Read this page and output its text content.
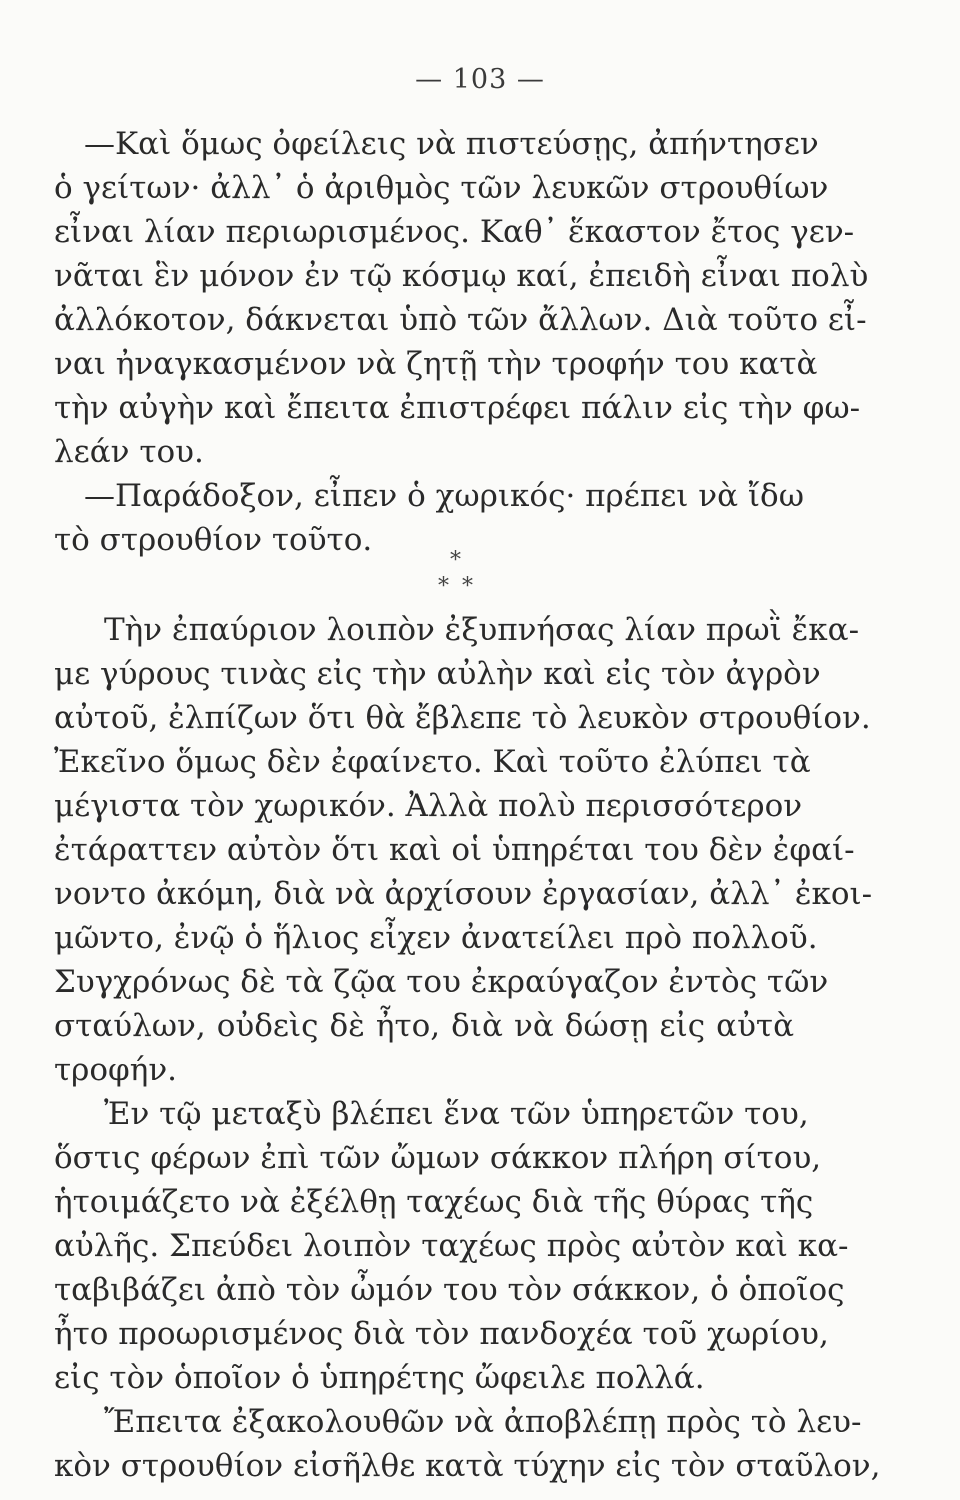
— 103 —
—Καὶ ὅμως ὀφείλεις νὰ πιστεύσῃς, ἀπήντησεν
ὁ γείτων· ἀλλ᾽ ὁ ἀριθμὸς τῶν λευκῶν στρουθίων
εἶναι λίαν περιωρισμένος. Καθ᾽ ἕκαστον ἔτος γεν-
νᾶται ἓν μόνον ἐν τῷ κόσμῳ καί, ἐπειδὴ εἶναι πολὺ
ἀλλόκοτον, δάκνεται ὑπὸ τῶν ἄλλων. Διὰ τοῦτο εἶ-
ναι ἠναγκασμένον νὰ ζητῇ τὴν τροφήν του κατὰ
τὴν αὐγὴν καὶ ἔπειτα ἐπιστρέφει πάλιν εἰς τὴν φω-
λεάν του.
—Παράδοξον, εἶπεν ὁ χωρικός· πρέπει νὰ ἴδω
τὸ στρουθίον τοῦτο.
*
* *
Τὴν ἐπαύριον λοιπὸν ἐξυπνήσας λίαν πρωῒ ἔκα-
με γύρους τινὰς εἰς τὴν αὐλὴν καὶ εἰς τὸν ἀγρὸν
αὐτοῦ, ἐλπίζων ὅτι θὰ ἔβλεπε τὸ λευκὸν στρουθίον.
Ἐκεῖνο ὅμως δὲν ἐφαίνετο. Καὶ τοῦτο ἐλύπει τὰ
μέγιστα τὸν χωρικόν. Ἀλλὰ πολὺ περισσότερον
ἐτάραττεν αὐτὸν ὅτι καὶ οἱ ὑπηρέται του δὲν ἐφαί-
νοντο ἀκόμη, διὰ νὰ ἀρχίσουν ἐργασίαν, ἀλλ᾽ ἐκοι-
μῶντο, ἐνῷ ὁ ἥλιος εἶχεν ἀνατείλει πρὸ πολλοῦ.
Συγχρόνως δὲ τὰ ζῷα του ἐκραύγαζον ἐντὸς τῶν
σταύλων, οὐδεὶς δὲ ἦτο, διὰ νὰ δώσῃ εἰς αὐτὰ
τροφήν.
Ἐν τῷ μεταξὺ βλέπει ἕνα τῶν ὑπηρετῶν του,
ὅστις φέρων ἐπὶ τῶν ὤμων σάκκον πλήρη σίτου,
ἡτοιμάζετο νὰ ἐξέλθῃ ταχέως διὰ τῆς θύρας τῆς
αὐλῆς. Σπεύδει λοιπὸν ταχέως πρὸς αὐτὸν καὶ κα-
ταβιβάζει ἀπὸ τὸν ὦμόν του τὸν σάκκον, ὁ ὁποῖος
ἦτο προωρισμένος διὰ τὸν πανδοχέα τοῦ χωρίου,
εἰς τὸν ὁποῖον ὁ ὑπηρέτης ὤφειλε πολλά.
Ἔπειτα ἐξακολουθῶν νὰ ἀποβλέπῃ πρὸς τὸ λευ-
κὸν στρουθίον εἰσῆλθε κατὰ τύχην εἰς τὸν σταῦλον,
